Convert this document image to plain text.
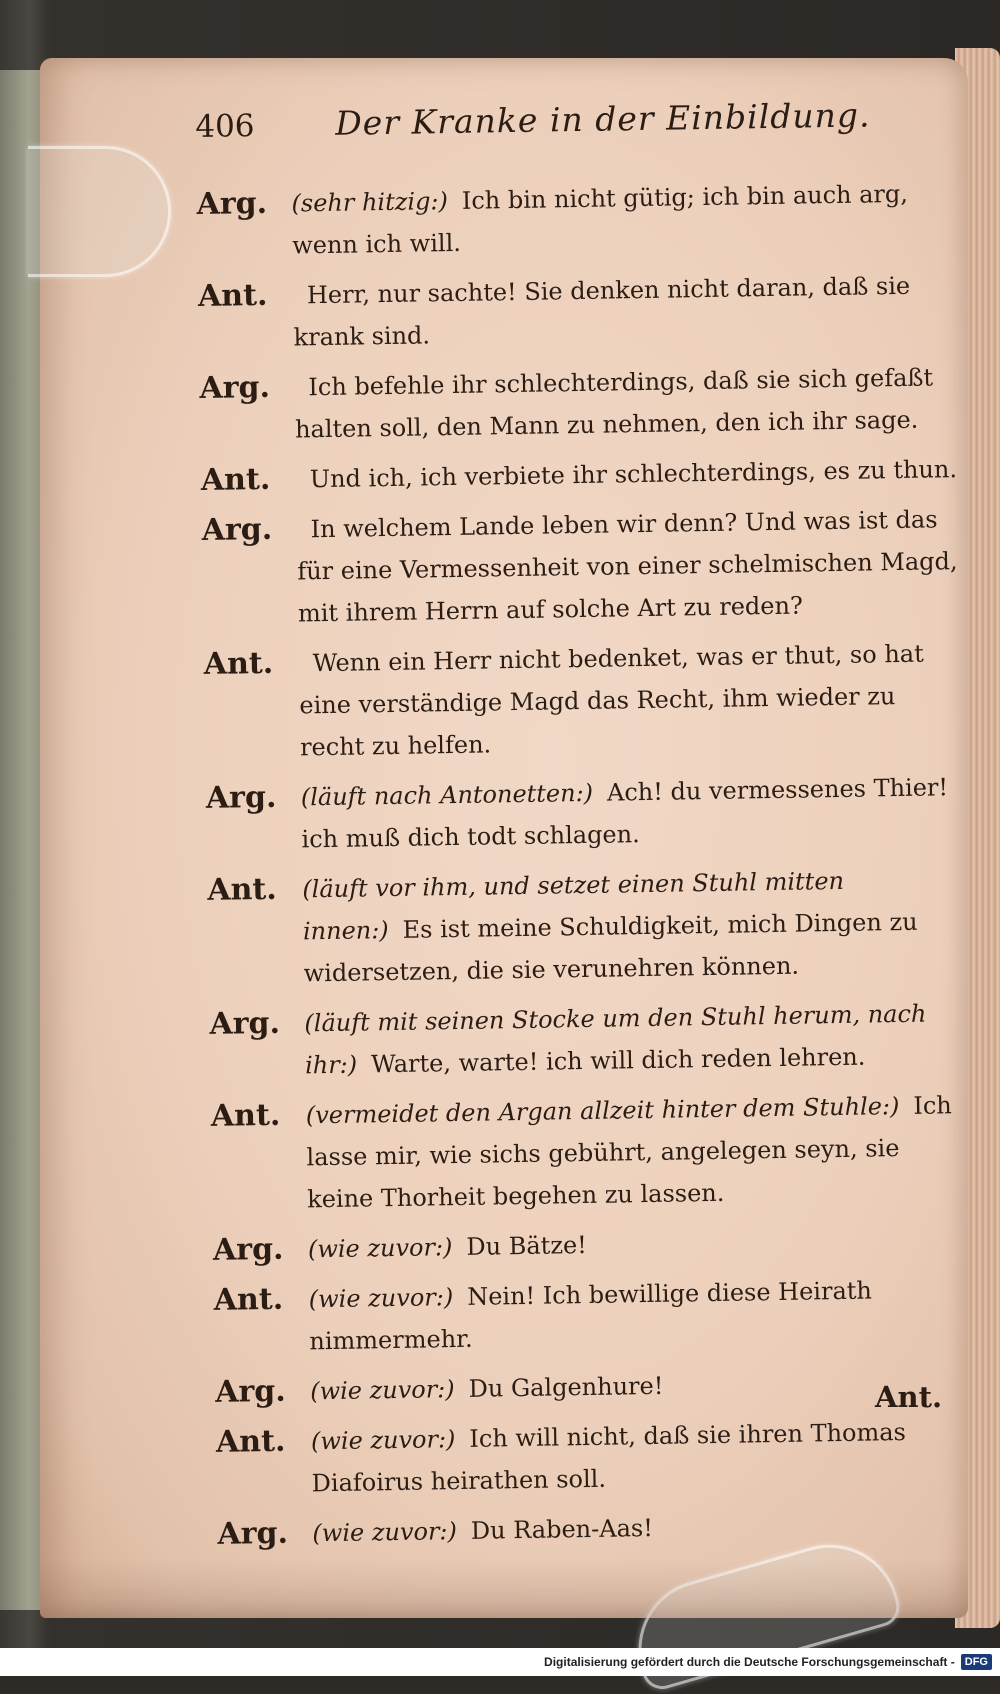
406	Der Kranke in der Einbildung.
Arg. (sehr hitzig:) Ich bin nicht gütig; ich bin auch arg, wenn ich will.
Ant.	Herr, nur sachte! Sie denken nicht daran, daß sie krank sind.
Arg.	Ich befehle ihr schlechterdings, daß sie sich gefaßt halten soll, den Mann zu nehmen, den ich ihr sage.
Ant.	Und ich, ich verbiete ihr schlechterdings, es zu thun.
Arg.	In welchem Lande leben wir denn? Und was ist das für eine Vermessenheit von einer schelmischen Magd, mit ihrem Herrn auf solche Art zu reden?
Ant.	Wenn ein Herr nicht bedenket, was er thut, so hat eine verständige Magd das Recht, ihm wieder zu recht zu helfen.
Arg. (läuft nach Antonetten:) Ach! du vermessenes Thier! ich muß dich todt schlagen.
Ant.	(läuft vor ihm, und setzet einen Stuhl mitten innen:) Es ist meine Schuldigkeit, mich Dingen zu widersetzen, die sie verunehren können.
Arg. (läuft mit seinen Stocke um den Stuhl herum, nach ihr:) Warte, warte! ich will dich reden lehren.
Ant.	(vermeidet den Argan allzeit hinter dem Stuhle:) Ich lasse mir, wie sichs gebührt, angelegen seyn, sie keine Thorheit begehen zu lassen.
Arg. (wie zuvor:) Du Bätze!
Ant.	(wie zuvor:) Nein! Ich bewillige diese Heirath nimmermehr.
Arg. (wie zuvor:) Du Galgenhure!
Ant.	(wie zuvor:) Ich will nicht, daß sie ihren Thomas Diafoirus heirathen soll.
Arg. (wie zuvor:) Du Raben-Aas!
Ant.
Digitalisierung gefördert durch die Deutsche Forschungsgemeinschaft - DFG
